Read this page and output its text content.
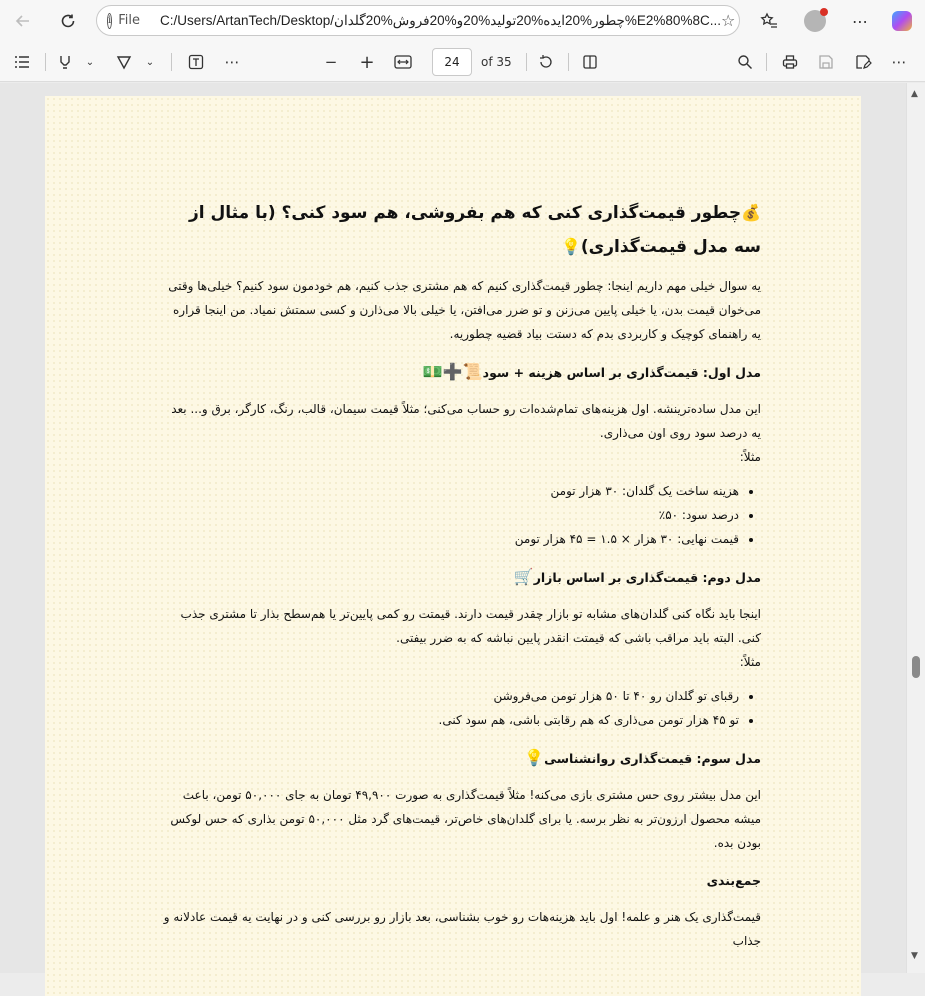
i File C:/Users/ArtanTech/Desktop/چطور%20ایده%20تولید%20و%20فروش%20گلدان%E2%80%8C... ☆	⋯
⌄	⌄	⋯	−	+	24	of 35	⋯
💰چطور قیمت‌گذاری کنی که هم بفروشی، هم سود کنی؟ (با مثال از سه مدل قیمت‌گذاری)💡
یه سوال خیلی مهم داریم اینجا: چطور قیمت‌گذاری کنیم که هم مشتری جذب کنیم، هم خودمون سود کنیم؟ خیلی‌ها وقتی می‌خوان قیمت بدن، یا خیلی پایین می‌زنن و تو ضرر می‌افتن، یا خیلی بالا می‌ذارن و کسی سمتش نمیاد. من اینجا قراره یه راهنمای کوچیک و کاربردی بدم که دستت بیاد قضیه چطوریه.
مدل اول: قیمت‌گذاری بر اساس هزینه + سود📜➕💵
این مدل ساده‌ترینشه. اول هزینه‌های تمام‌شده‌ات رو حساب می‌کنی؛ مثلاً قیمت سیمان، قالب، رنگ، کارگر، برق و... بعد یه درصد سود روی اون می‌ذاری.
مثلاً:
• هزینه ساخت یک گلدان: ۳۰ هزار تومن
• درصد سود: ۵۰٪
• قیمت نهایی: ۳۰ هزار × ۱.۵ = ۴۵ هزار تومن
مدل دوم: قیمت‌گذاری بر اساس بازار🛒
اینجا باید نگاه کنی گلدان‌های مشابه تو بازار چقدر قیمت دارند. قیمتت رو کمی پایین‌تر یا هم‌سطح بذار تا مشتری جذب کنی. البته باید مراقب باشی که قیمتت انقدر پایین نباشه که به ضرر بیفتی.
مثلاً:
• رقبای تو گلدان رو ۴۰ تا ۵۰ هزار تومن می‌فروشن
• تو ۴۵ هزار تومن می‌ذاری که هم رقابتی باشی، هم سود کنی.
مدل سوم: قیمت‌گذاری روانشناسی💡
این مدل بیشتر روی حس مشتری بازی می‌کنه! مثلاً قیمت‌گذاری به صورت ۴۹,۹۰۰ تومان به جای ۵۰,۰۰۰ تومن، باعث میشه محصول ارزون‌تر به نظر برسه. یا برای گلدان‌های خاص‌تر، قیمت‌های گرد مثل ۵۰,۰۰۰ تومن بذاری که حس لوکس بودن بده.
جمع‌بندی
قیمت‌گذاری یک هنر و علمه! اول باید هزینه‌هات رو خوب بشناسی، بعد بازار رو بررسی کنی و در نهایت یه قیمت عادلانه و جذاب
▲
▼
